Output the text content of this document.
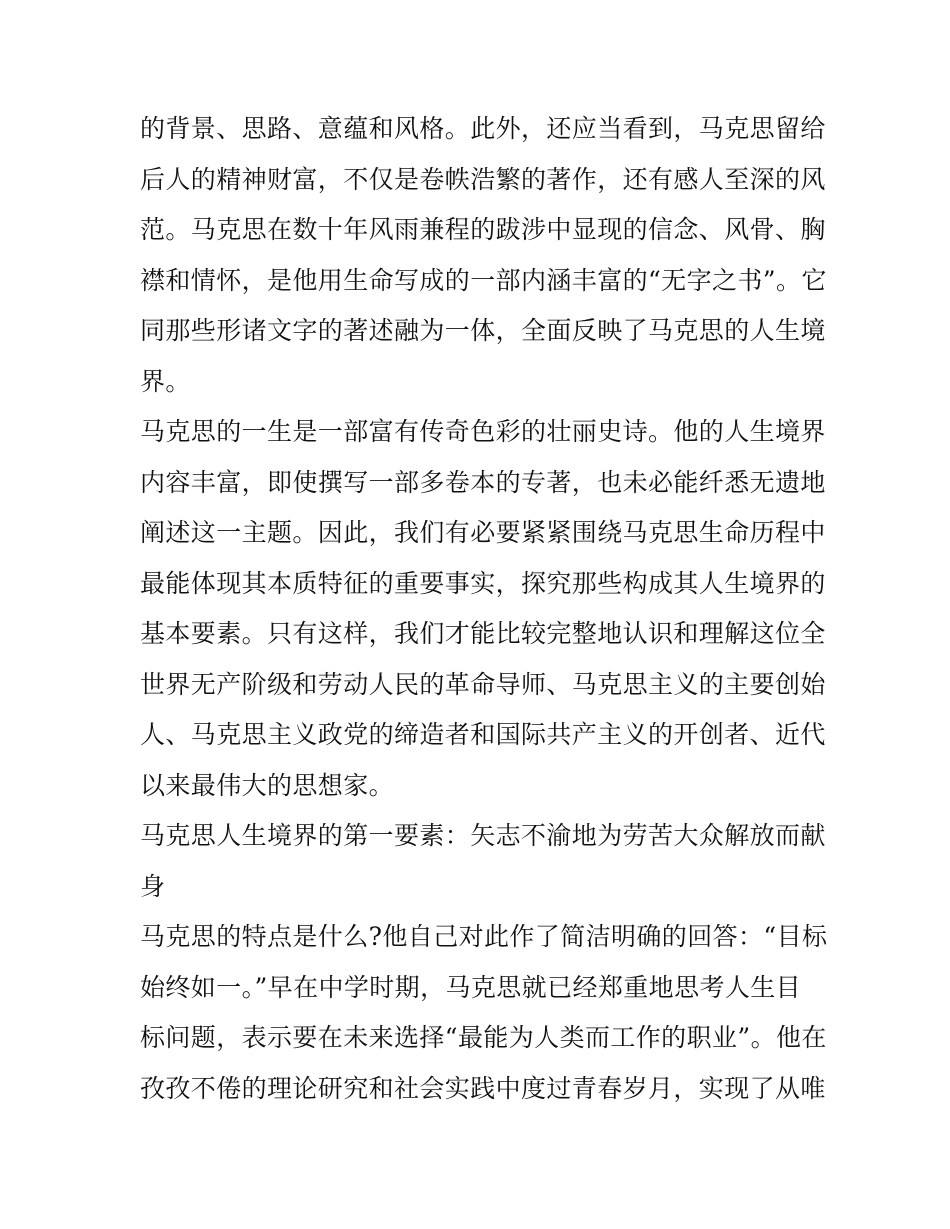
的背景、思路、意蕴和风格。此外，还应当看到，马克思留给
后人的精神财富，不仅是卷帙浩繁的著作，还有感人至深的风
范。马克思在数十年风雨兼程的跋涉中显现的信念、风骨、胸
襟和情怀，是他用生命写成的一部内涵丰富的“无字之书”。它
同那些形诸文字的著述融为一体，全面反映了马克思的人生境
界。
马克思的一生是一部富有传奇色彩的壮丽史诗。他的人生境界
内容丰富，即使撰写一部多卷本的专著，也未必能纤悉无遗地
阐述这一主题。因此，我们有必要紧紧围绕马克思生命历程中
最能体现其本质特征的重要事实，探究那些构成其人生境界的
基本要素。只有这样，我们才能比较完整地认识和理解这位全
世界无产阶级和劳动人民的革命导师、马克思主义的主要创始
人、马克思主义政党的缔造者和国际共产主义的开创者、近代
以来最伟大的思想家。
马克思人生境界的第一要素：矢志不渝地为劳苦大众解放而献
身
马克思的特点是什么?他自己对此作了简洁明确的回答：“目标
始终如一。”早在中学时期，马克思就已经郑重地思考人生目
标问题，表示要在未来选择“最能为人类而工作的职业”。他在
孜孜不倦的理论研究和社会实践中度过青春岁月，实现了从唯
